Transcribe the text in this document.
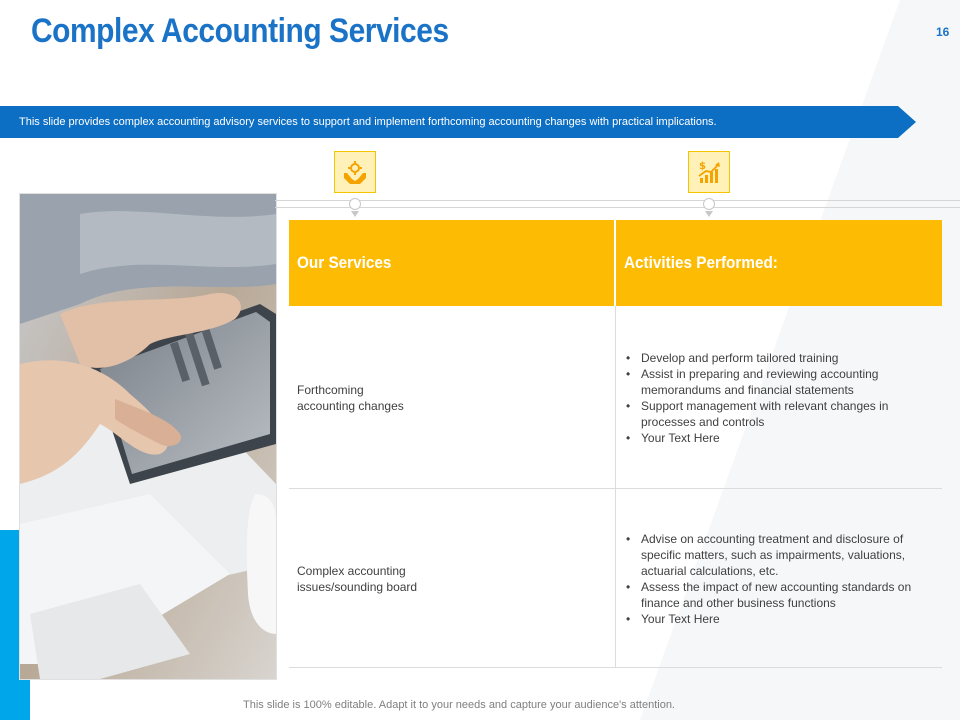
Complex Accounting Services	16
This slide provides complex accounting advisory services to support and implement forthcoming accounting changes with practical implications.
$
Our Services	Activities Performed:
Forthcoming
accounting changes
• Develop and perform tailored training
• Assist in preparing and reviewing accounting memorandums and financial statements
• Support management with relevant changes in processes and controls
• Your Text Here
Complex accounting
issues/sounding board
• Advise on accounting treatment and disclosure of specific matters, such as impairments, valuations, actuarial calculations, etc.
• Assess the impact of new accounting standards on finance and other business functions
• Your Text Here
This slide is 100% editable. Adapt it to your needs and capture your audience's attention.
